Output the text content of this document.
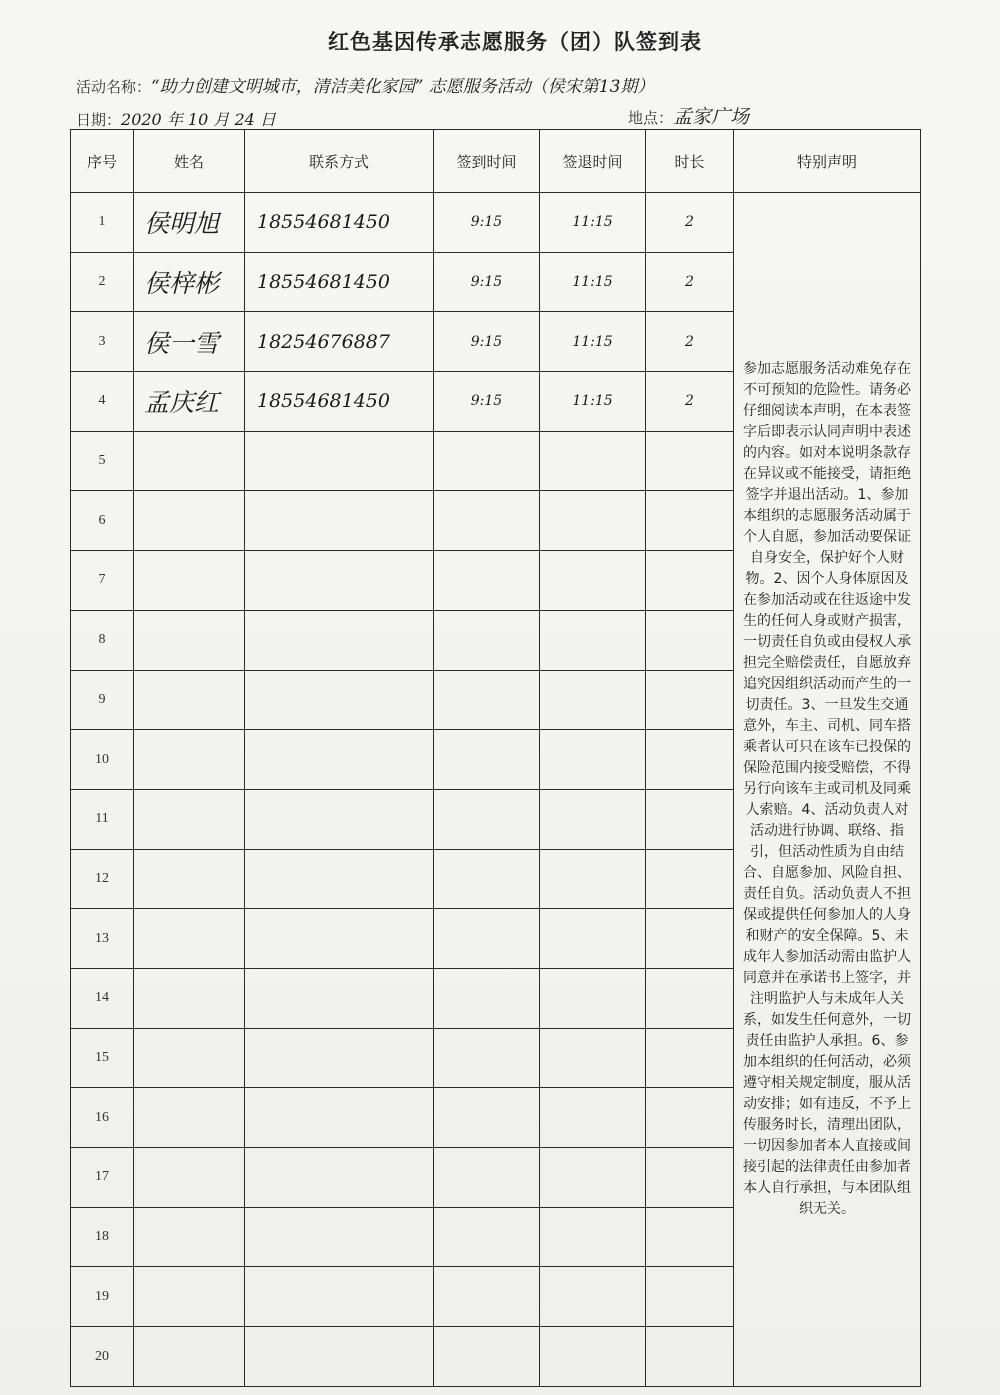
红色基因传承志愿服务（团）队签到表
活动名称：“助力创建文明城市，清洁美化家园” 志愿服务活动（侯宋第13期）
日期：2020 年 10 月 24 日	地点：孟家广场
序号	姓名	联系方式	签到时间	签退时间	时长	特别声明
1	侯明旭	18554681450	9:15	11:15	2	参加志愿服务活动难免存在不可预知的危险性。请务必仔细阅读本声明，在本表签字后即表示认同声明中表述的内容。如对本说明条款存在异议或不能接受，请拒绝签字并退出活动。1、参加本组织的志愿服务活动属于个人自愿，参加活动要保证自身安全，保护好个人财物。2、因个人身体原因及在参加活动或在往返途中发生的任何人身或财产损害，一切责任自负或由侵权人承担完全赔偿责任，自愿放弃追究因组织活动而产生的一切责任。3、一旦发生交通意外，车主、司机、同车搭乘者认可只在该车已投保的保险范围内接受赔偿，不得另行向该车主或司机及同乘人索赔。4、活动负责人对活动进行协调、联络、指引，但活动性质为自由结合、自愿参加、风险自担、责任自负。活动负责人不担保或提供任何参加人的人身和财产的安全保障。5、未成年人参加活动需由监护人同意并在承诺书上签字，并注明监护人与未成年人关系，如发生任何意外，一切责任由监护人承担。6、参加本组织的任何活动，必须遵守相关规定制度，服从活动安排；如有违反，不予上传服务时长，清理出团队，一切因参加者本人直接或间接引起的法律责任由参加者本人自行承担，与本团队组织无关。

2	侯梓彬	18554681450	9:15	11:15	2	
3	侯一雪	18254676887	9:15	11:15	2	
4	孟庆红	18554681450	9:15	11:15	2	
5						
6						
7						
8						
9						
10						
11						
12						
13						
14						
15						
16						
17						
18						
19						
20						
